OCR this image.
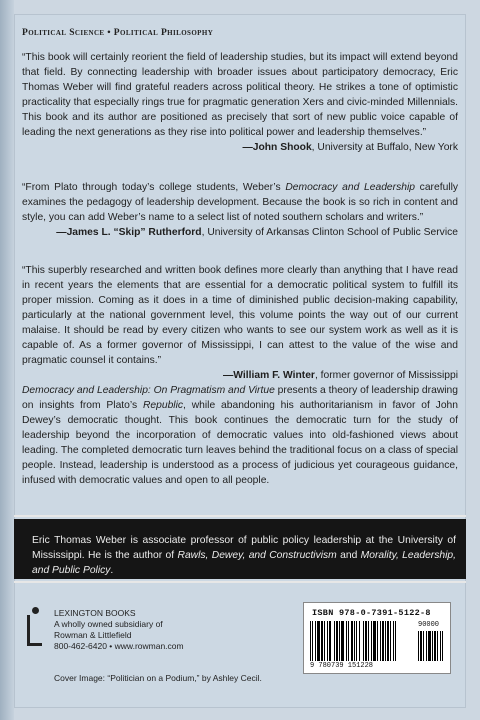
Political Science • Political Philosophy

“This book will certainly reorient the field of leadership studies, but its impact will extend beyond that field. By connecting leadership with broader issues about participatory democracy, Eric Thomas Weber will find grateful readers across political theory. He strikes a tone of optimistic practicality that especially rings true for pragmatic generation Xers and civic-minded Millennials. This book and its author are positioned as precisely that sort of new public voice capable of leading the next generations as they rise into political power and leadership themselves.”

—John Shook, University at Buffalo, New York

“From Plato through today’s college students, Weber’s Democracy and Leadership carefully examines the pedagogy of leadership development. Because the book is so rich in content and style, you can add Weber’s name to a select list of noted southern scholars and writers.”

—James L. “Skip” Rutherford, University of Arkansas Clinton School of Public Service

“This superbly researched and written book defines more clearly than anything that I have read in recent years the elements that are essential for a democratic political system to fulfill its proper mission. Coming as it does in a time of diminished public decision-making capability, particularly at the national government level, this volume points the way out of our current malaise. It should be read by every citizen who wants to see our system work as well as it is capable of. As a former governor of Mississippi, I can attest to the value of the wise and pragmatic counsel it contains.”

—William F. Winter, former governor of Mississippi
Democracy and Leadership: On Pragmatism and Virtue presents a theory of leadership drawing on insights from Plato’s Republic, while abandoning his authoritarianism in favor of John Dewey’s democratic thought. This book continues the democratic turn for the study of leadership beyond the incorporation of democratic values into old-fashioned views about leading. The completed democratic turn leaves behind the traditional focus on a class of special people. Instead, leadership is understood as a process of judicious yet courageous guidance, infused with democratic values and open to all people.
Eric Thomas Weber is associate professor of public policy leadership at the University of Mississippi. He is the author of Rawls, Dewey, and Constructivism and Morality, Leadership, and Public Policy.
LEXINGTON BOOKS
A wholly owned subsidiary of
Rowman & Littlefield
800-462-6420 • www.rowman.com
Cover Image: “Politician on a Podium,” by Ashley Cecil.
ISBN 978-0-7391-5122-8
90000
9 780739 151228
